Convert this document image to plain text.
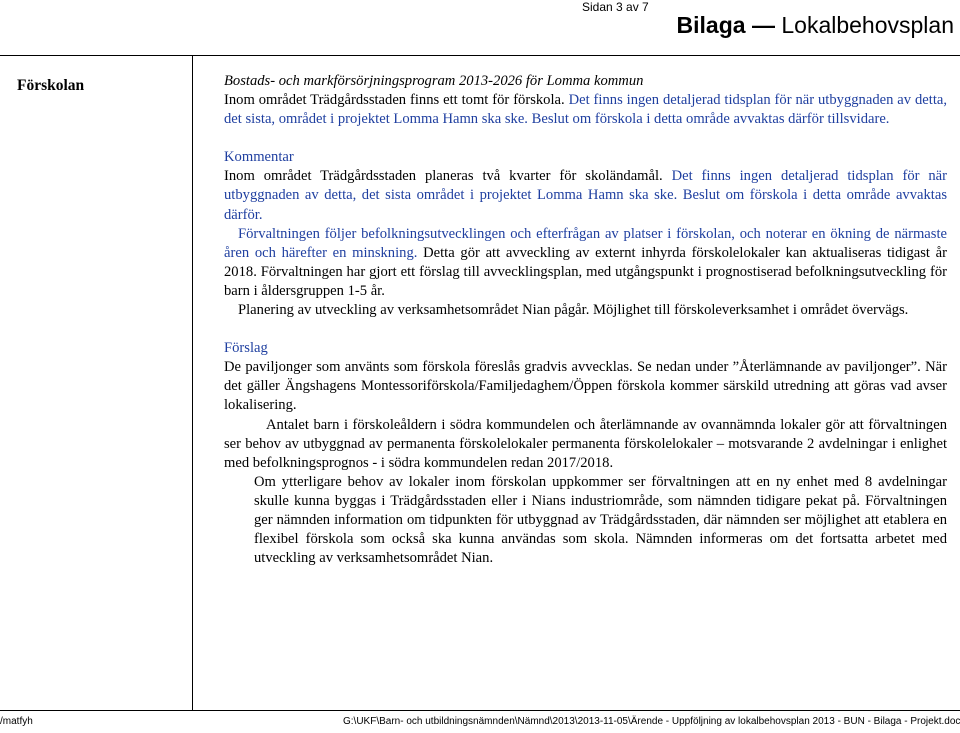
Sidan 3 av 7
Bilaga — Lokalbehovsplan
Förskolan	Bostads- och markförsörjningsprogram 2013-2026 för Lomma kommun

Inom området Trädgårdsstaden finns ett tomt för förskola. Det finns ingen detaljerad tidsplan för när utbyggnaden av detta, det sista, området i projektet Lomma Hamn ska ske. Beslut om förskola i detta område avvaktas därför tillsvidare.

Kommentar

Inom området Trädgårdsstaden planeras två kvarter för skoländamål. Det finns ingen detaljerad tidsplan för när utbyggnaden av detta, det sista området i projektet Lomma Hamn ska ske. Beslut om förskola i detta område avvaktas därför.

Förvaltningen följer befolkningsutvecklingen och efterfrågan av platser i förskolan, och noterar en ökning de närmaste åren och härefter en minskning. Detta gör att avveckling av externt inhyrda förskolelokaler kan aktualiseras tidigast år 2018. Förvaltningen har gjort ett förslag till avvecklingsplan, med utgångspunkt i prognostiserad befolkningsutveckling för barn i åldersgruppen 1-5 år.

Planering av utveckling av verksamhetsområdet Nian pågår. Möjlighet till förskoleverksamhet i området övervägs.

Förslag

De paviljonger som använts som förskola föreslås gradvis avvecklas. Se nedan under ”Återlämnande av paviljonger”. När det gäller Ängshagens Montessoriförskola/Familjedaghem/Öppen förskola kommer särskild utredning att göras vad avser lokalisering.

Antalet barn i förskoleåldern i södra kommundelen och återlämnande av ovannämnda lokaler gör att förvaltningen ser behov av utbyggnad av permanenta förskolelokaler permanenta förskolelokaler – motsvarande 2 avdelningar i enlighet med befolkningsprognos - i södra kommundelen redan 2017/2018.

Om ytterligare behov av lokaler inom förskolan uppkommer ser förvaltningen att en ny enhet med 8 avdelningar skulle kunna byggas i Trädgårdsstaden eller i Nians industriområde, som nämnden tidigare pekat på. Förvaltningen ger nämnden information om tidpunkten för utbyggnad av Trädgårdsstaden, där nämnden ser möjlighet att etablera en flexibel förskola som också ska kunna användas som skola. Nämnden informeras om det fortsatta arbetet med utveckling av verksamhetsområdet Nian.

/matfyh	G:\UKF\Barn- och utbildningsnämnden\Nämnd\2013\2013-11-05\Ärende - Uppföljning av lokalbehovsplan 2013 - BUN - Bilaga - Projekt.doc
